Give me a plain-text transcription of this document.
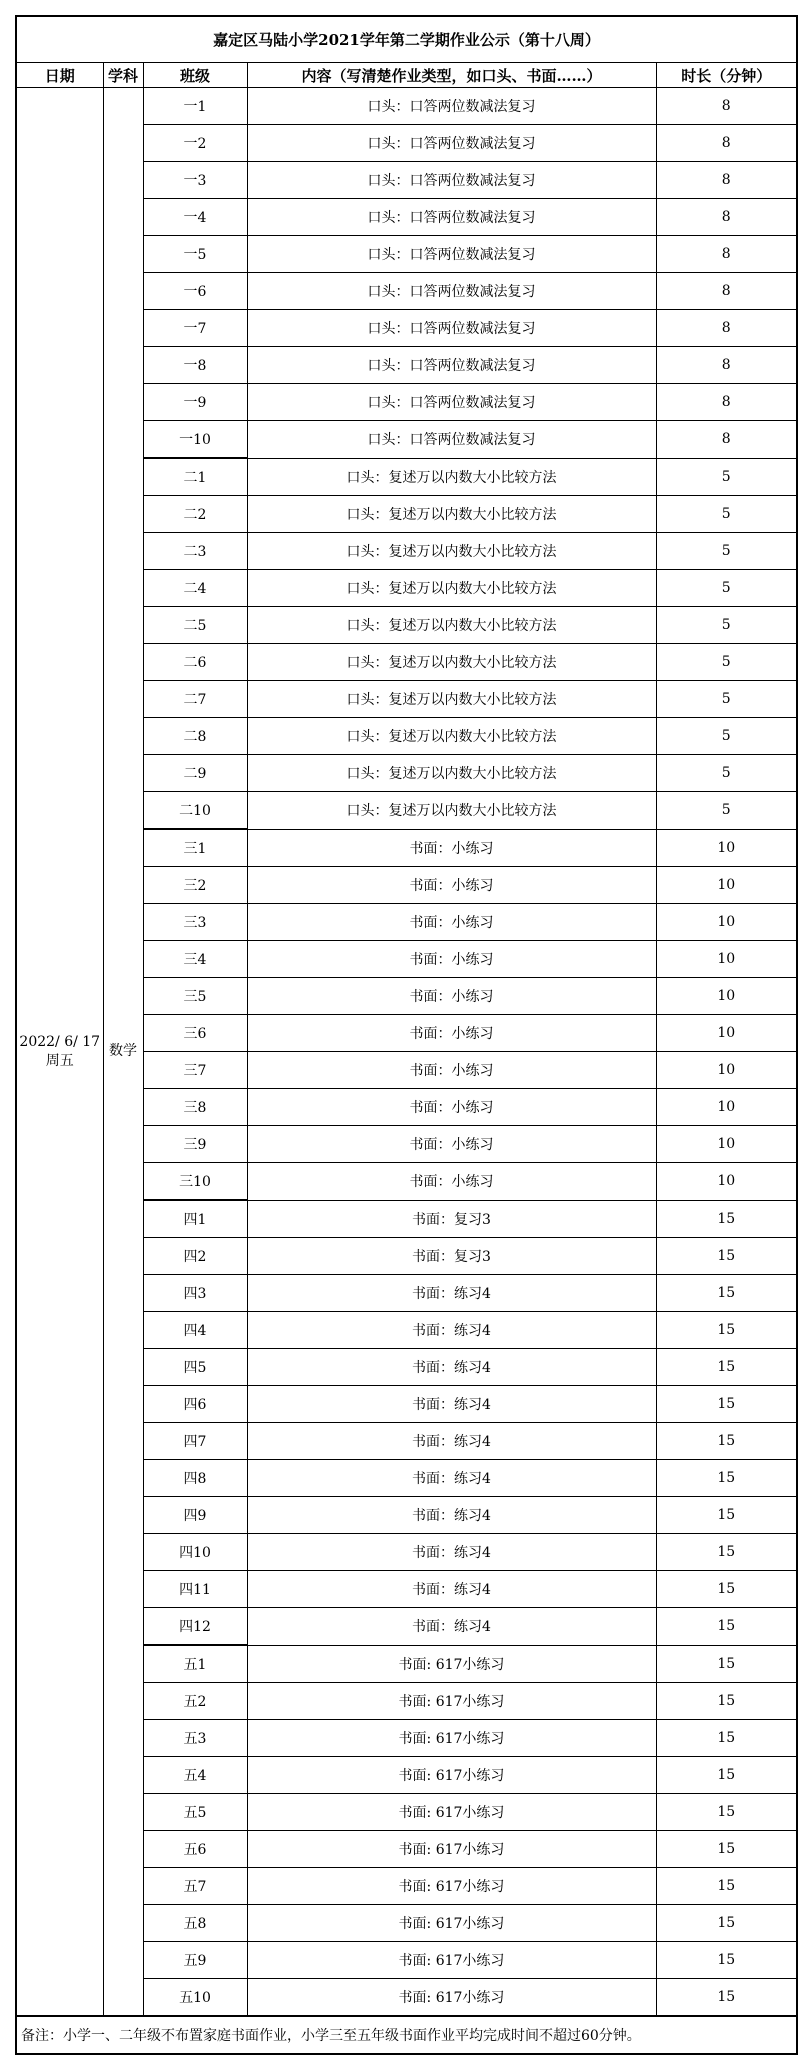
嘉定区马陆小学2021学年第二学期作业公示（第十八周）				
日期	学科	班级	内容（写清楚作业类型，如口头、书面……）	时长（分钟）

2022/ 6/ 17
周五	数学	一1	口头：口答两位数减法复习	8
		一2	口头：口答两位数减法复习	8
		一3	口头：口答两位数减法复习	8
		一4	口头：口答两位数减法复习	8
		一5	口头：口答两位数减法复习	8
		一6	口头：口答两位数减法复习	8
		一7	口头：口答两位数减法复习	8
		一8	口头：口答两位数减法复习	8
		一9	口头：口答两位数减法复习	8
		一10	口头：口答两位数减法复习	8
		二1	口头：复述万以内数大小比较方法	5
		二2	口头：复述万以内数大小比较方法	5
		二3	口头：复述万以内数大小比较方法	5
		二4	口头：复述万以内数大小比较方法	5
		二5	口头：复述万以内数大小比较方法	5
		二6	口头：复述万以内数大小比较方法	5
		二7	口头：复述万以内数大小比较方法	5
		二8	口头：复述万以内数大小比较方法	5
		二9	口头：复述万以内数大小比较方法	5
		二10	口头：复述万以内数大小比较方法	5
		三1	书面：小练习	10
		三2	书面：小练习	10
		三3	书面：小练习	10
		三4	书面：小练习	10
		三5	书面：小练习	10
		三6	书面：小练习	10
		三7	书面：小练习	10
		三8	书面：小练习	10
		三9	书面：小练习	10
		三10	书面：小练习	10
		四1	书面：复习3	15
		四2	书面：复习3	15
		四3	书面：练习4	15
		四4	书面：练习4	15
		四5	书面：练习4	15
		四6	书面：练习4	15
		四7	书面：练习4	15
		四8	书面：练习4	15
		四9	书面：练习4	15
		四10	书面：练习4	15
		四11	书面：练习4	15
		四12	书面：练习4	15
		五1	书面: 617小练习	15
		五2	书面: 617小练习	15
		五3	书面: 617小练习	15
		五4	书面: 617小练习	15
		五5	书面: 617小练习	15
		五6	书面: 617小练习	15
		五7	书面: 617小练习	15
		五8	书面: 617小练习	15
		五9	书面: 617小练习	15
		五10	书面: 617小练习	15
备注：小学一、二年级不布置家庭书面作业，小学三至五年级书面作业平均完成时间不超过60分钟。				
